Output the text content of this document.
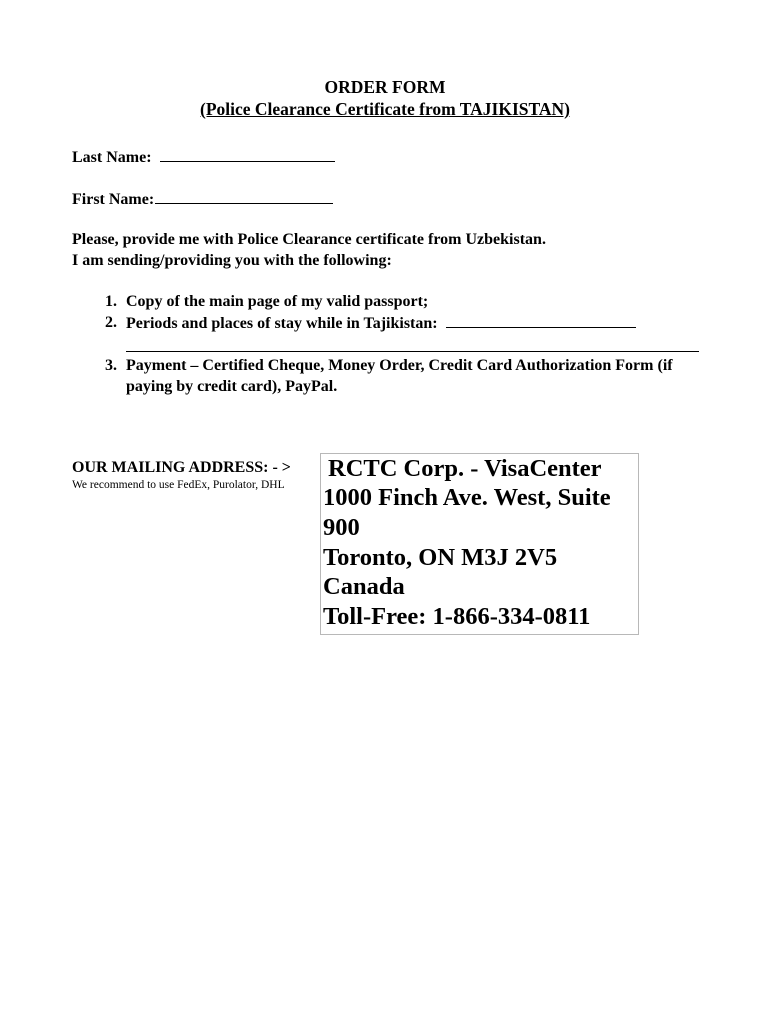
ORDER FORM
(Police Clearance Certificate from TAJIKISTAN)
Last Name:
First Name:
Please, provide me with Police Clearance certificate from Uzbekistan.
I am sending/providing you with the following:
1. Copy of the main page of my valid passport;
2. Periods and places of stay while in Tajikistan:
3. Payment – Certified Cheque, Money Order, Credit Card Authorization Form (if paying by credit card), PayPal.
OUR MAILING ADDRESS: - >
We recommend to use FedEx, Purolator, DHL
RCTC Corp. - VisaCenter
1000 Finch Ave. West, Suite
900
Toronto, ON M3J 2V5
Canada
Toll-Free: 1-866-334-0811
